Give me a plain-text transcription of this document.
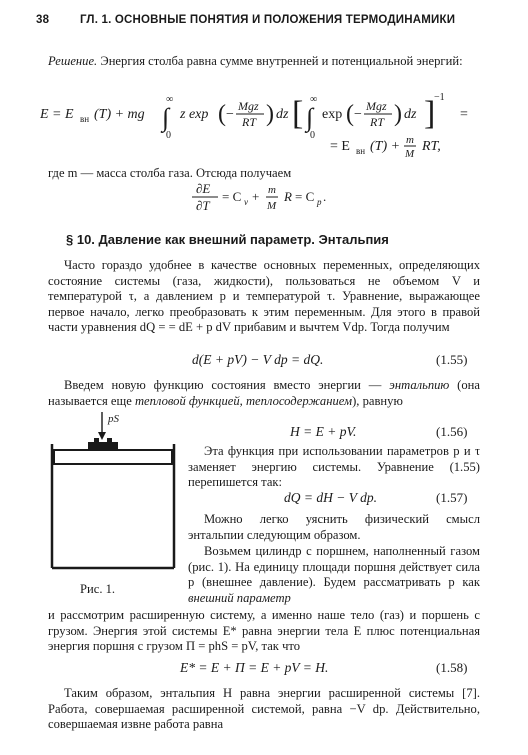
38	ГЛ. 1. ОСНОВНЫЕ ПОНЯТИЯ И ПОЛОЖЕНИЯ ТЕРМОДИНАМИКИ
Решение. Энергия столба равна сумме внутренней и потенциальной энергий:
E = E вн (T) + mg
∞
∫
0
z exp ( −
Mgz
RT ) dz [ ∞
∫
0
exp ( −
Mgz
RT ) dz ]
−1
=
= E вн (T) + m
M RT,
где m — масса столба газа. Отсюда получаем
∂E
∂T
= C v + m
M
R = C p .
§ 10. Давление как внешний параметр. Энтальпия
Часто гораздо удобнее в качестве основных переменных, определяющих состояние системы (газа, жидкости), пользоваться не объемом V и температурой τ, а давлением p и температурой τ. Уравнение, выражающее первое начало, легко преобразовать к этим переменным. Для этого в правой части уравнения dQ = = dE + p dV прибавим и вычтем Vdp. Тогда получим
d(E + pV) − V dp = dQ.	(1.55)
Введем новую функцию состояния вместо энергии — энтальпию (она называется еще тепловой функцией, теплосодержанием), равную
pS
Рис. 1.
H = E + pV.	(1.56)
Эта функция при использовании параметров p и τ заменяет энергию системы. Уравнение (1.55) перепишется так:
dQ = dH − V dp.	(1.57)
Можно легко уяснить физический смысл энтальпии следующим образом.
Возьмем цилиндр с поршнем, наполненный газом (рис. 1). На единицу площади поршня действует сила p (внешнее давление). Будем рассматривать p как внешний параметр
и рассмотрим расширенную систему, а именно наше тело (газ) и поршень с грузом. Энергия этой системы E* равна энергии тела E плюс потенциальная энергия поршня с грузом Π = phS = pV, так что
E* = E + Π = E + pV = H.	(1.58)
Таким образом, энтальпия H равна энергии расширенной системы [7]. Работа, совершаемая расширенной системой, равна −V dp. Действительно, совершаемая извне работа равна
